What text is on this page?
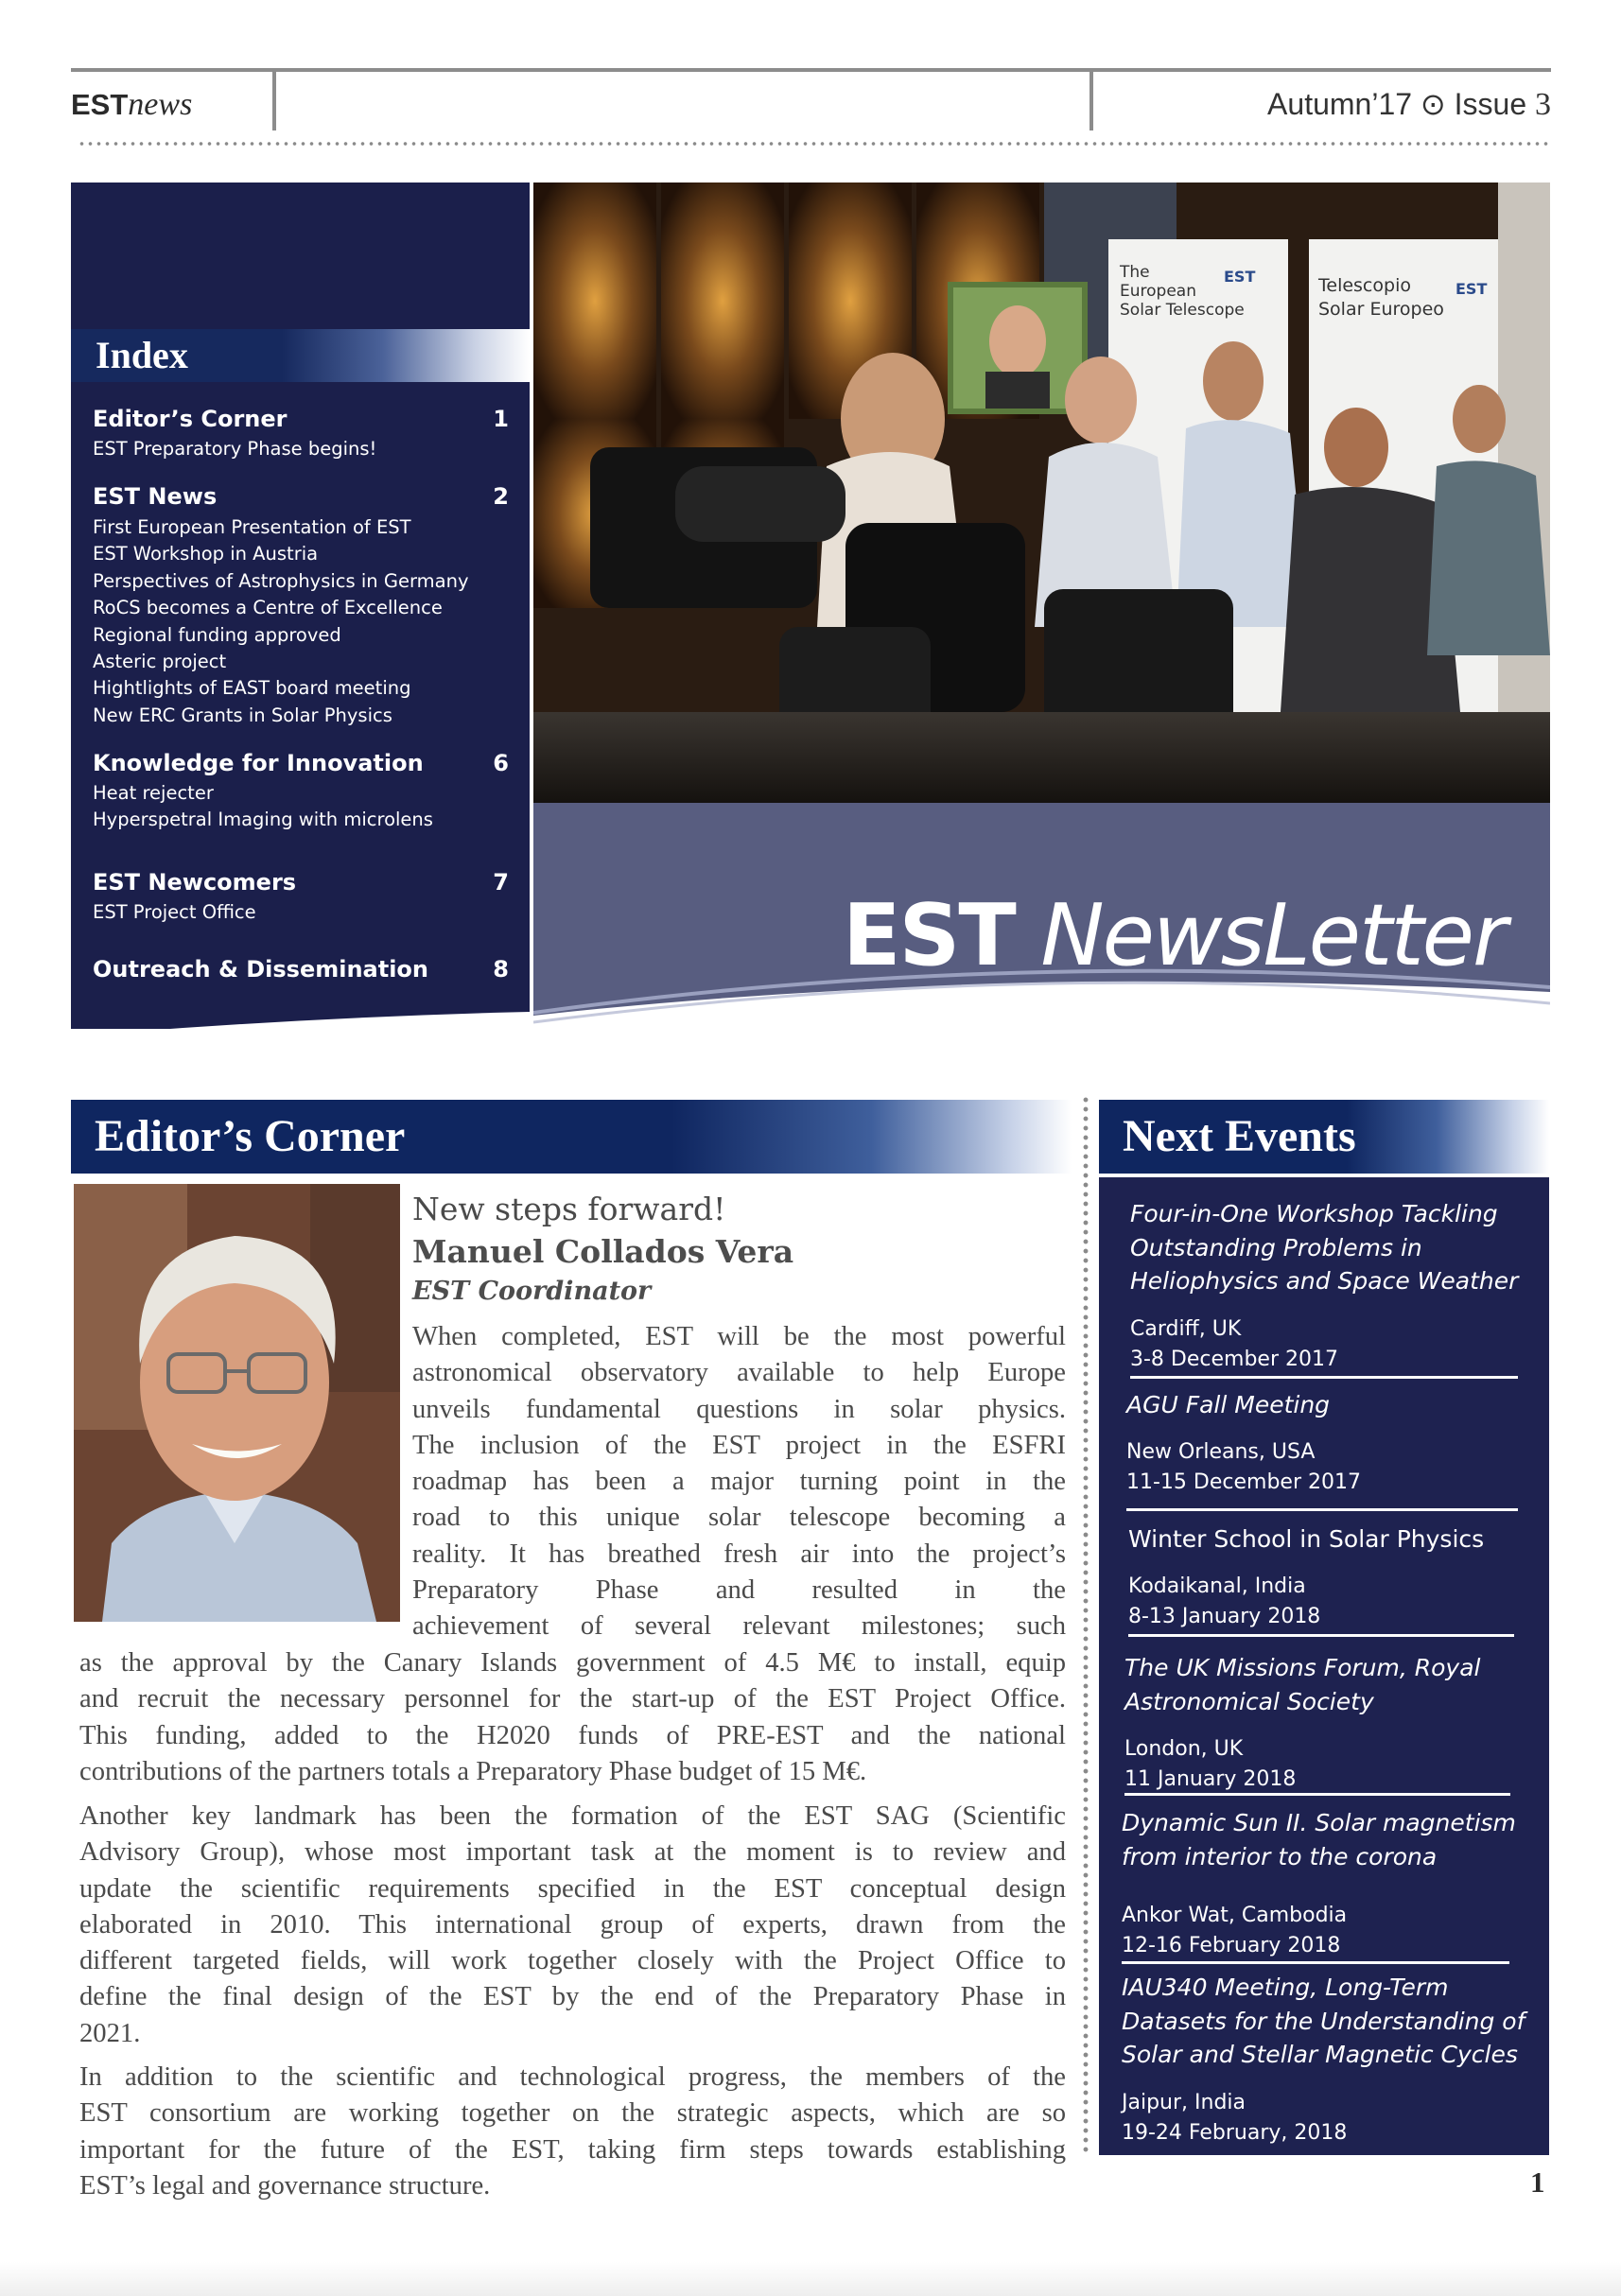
ESTnews	Autumn’17 ⊙ Issue 3
Index
Editor’s Corner	1
EST Preparatory Phase begins!
EST News	2
First European Presentation of EST
EST Workshop in Austria
Perspectives of Astrophysics in Germany
RoCS becomes a Centre of Excellence
Regional funding approved
Asteric project
Hightlights of EAST board meeting
New ERC Grants in Solar Physics
Knowledge for Innovation	6
Heat rejecter
Hyperspetral Imaging with microlens
EST Newcomers	7
EST Project Office
Outreach & Dissemination	8
The
European
Solar Telescope
EST	Telescopio
Solar Europeo
EST
EST NewsLetter
Editor’s Corner
New steps forward!
Manuel Collados Vera
EST Coordinator
When completed, EST will be the most powerful
astronomical observatory available to help Europe
unveils fundamental questions in solar physics.
The inclusion of the EST project in the ESFRI
roadmap has been a major turning point in the
road to this unique solar telescope becoming a
reality. It has breathed fresh air into the project’s
Preparatory Phase and resulted in the
achievement of several relevant milestones; such
as the approval by the Canary Islands government of 4.5 M€ to install, equip
and recruit the necessary personnel for the start-up of the EST Project Office.
This funding, added to the H2020 funds of PRE-EST and the national
contributions of the partners totals a Preparatory Phase budget of 15 M€.
Another key landmark has been the formation of the EST SAG (Scientific
Advisory Group), whose most important task at the moment is to review and
update the scientific requirements specified in the EST conceptual design
elaborated in 2010. This international group of experts, drawn from the
different targeted fields, will work together closely with the Project Office to
define the final design of the EST by the end of the Preparatory Phase in
2021.
In addition to the scientific and technological progress, the members of the
EST consortium are working together on the strategic aspects, which are so
important for the future of the EST, taking firm steps towards establishing
EST’s legal and governance structure.
Next Events
Four-in-One Workshop Tackling
Outstanding Problems in
Heliophysics and Space Weather
Cardiff, UK
3-8 December 2017
AGU Fall Meeting
New Orleans, USA
11-15 December 2017
Winter School in Solar Physics
Kodaikanal, India
8-13 January 2018
The UK Missions Forum, Royal
Astronomical Society
London, UK
11 January 2018
Dynamic Sun II. Solar magnetism
from interior to the corona
Ankor Wat, Cambodia
12-16 February 2018
IAU340 Meeting, Long-Term
Datasets for the Understanding of
Solar and Stellar Magnetic Cycles
Jaipur, India
19-24 February, 2018
1
